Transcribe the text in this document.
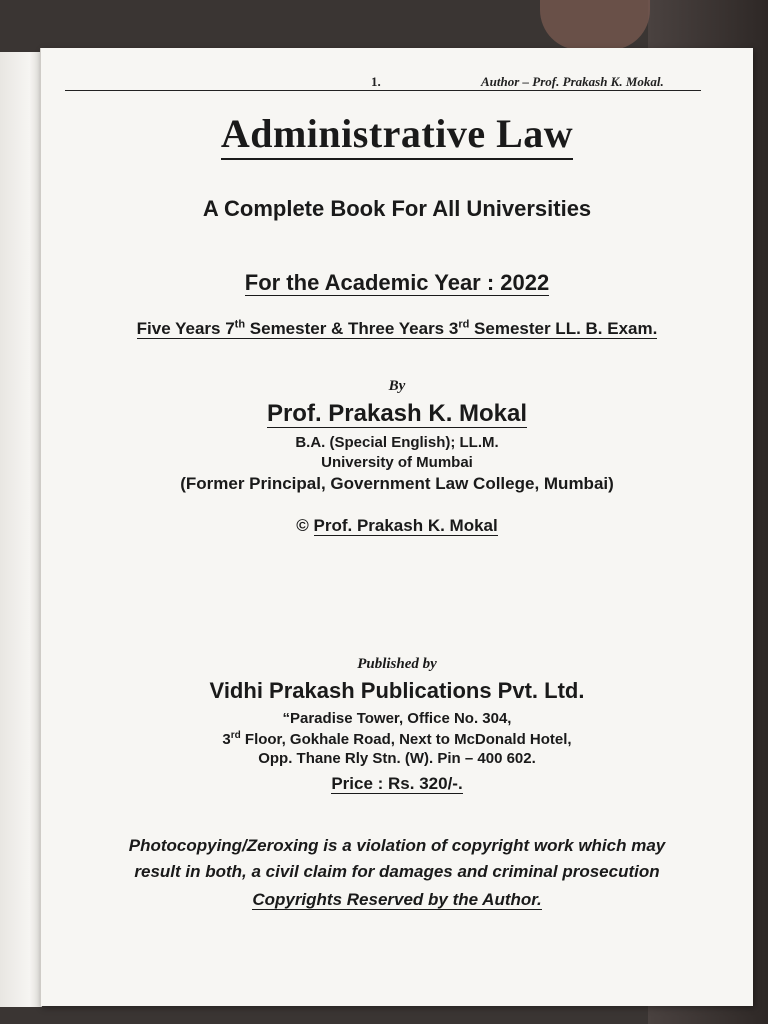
1.	Author – Prof. Prakash K. Mokal.
Administrative Law
A Complete Book For All Universities
For the Academic Year : 2022
Five Years 7th Semester & Three Years 3rd Semester LL. B. Exam.
By
Prof. Prakash K. Mokal
B.A. (Special English); LL.M.
University of Mumbai
(Former Principal, Government Law College, Mumbai)
© Prof. Prakash K. Mokal
Published by
Vidhi Prakash Publications Pvt. Ltd.
“Paradise Tower, Office No. 304,
3rd Floor, Gokhale Road, Next to McDonald Hotel,
Opp. Thane Rly Stn. (W). Pin – 400 602.
Price : Rs. 320/-.
Photocopying/Zeroxing is a violation of copyright work which may
result in both, a civil claim for damages and criminal prosecution
Copyrights Reserved by the Author.
